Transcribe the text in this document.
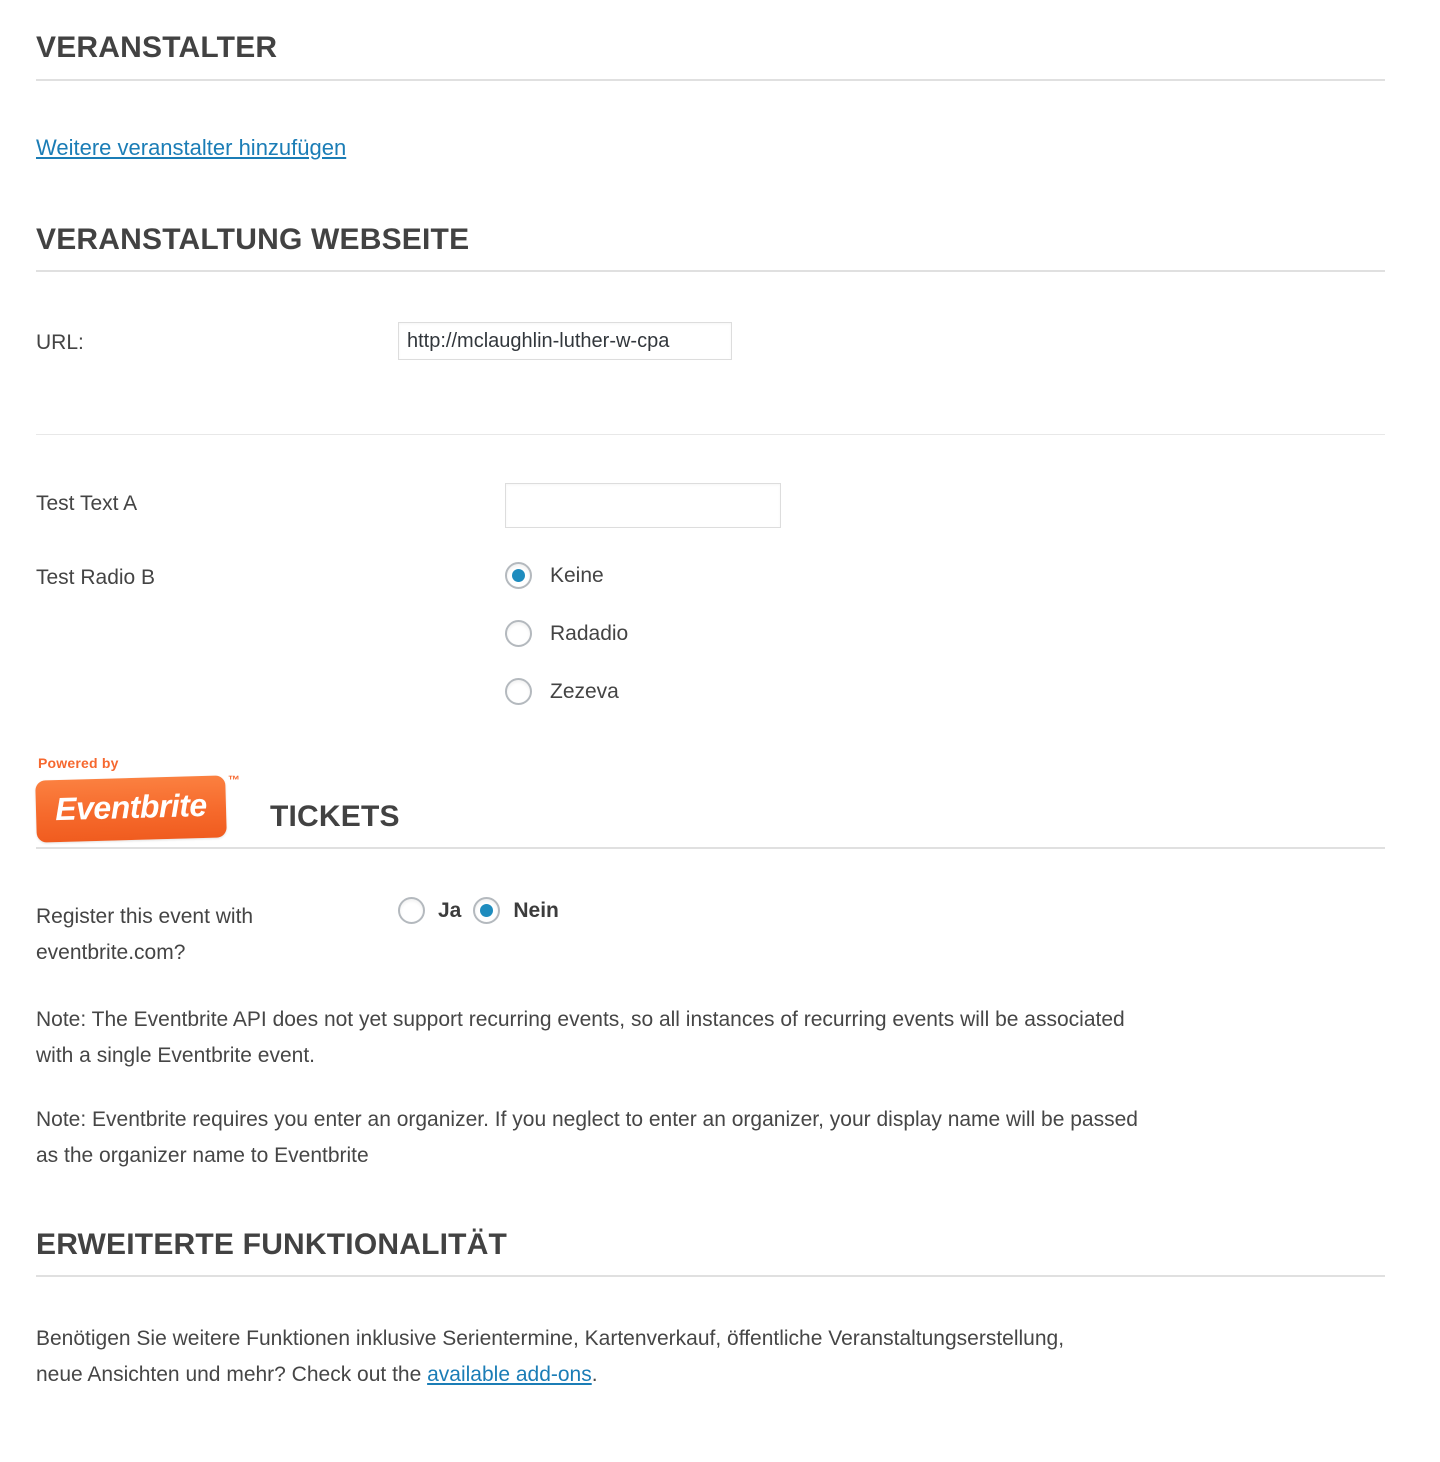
VERANSTALTER
Weitere veranstalter hinzufügen
VERANSTALTUNG WEBSEITE
URL:
http://mclaughlin-luther-w-cpa
Test Text A
Test Radio B	Keine
Radadio
Zezeva
Powered by
Eventbrite
™
TICKETS
Register this event with
eventbrite.com?
Ja Nein

Note: The Eventbrite API does not yet support recurring events, so all instances of recurring events will be associated
with a single Eventbrite event.

Note: Eventbrite requires you enter an organizer. If you neglect to enter an organizer, your display name will be passed
as the organizer name to Eventbrite

ERWEITERTE FUNKTIONALITÄT

Benötigen Sie weitere Funktionen inklusive Serientermine, Kartenverkauf, öffentliche Veranstaltungserstellung,
neue Ansichten und mehr? Check out the available add-ons.
